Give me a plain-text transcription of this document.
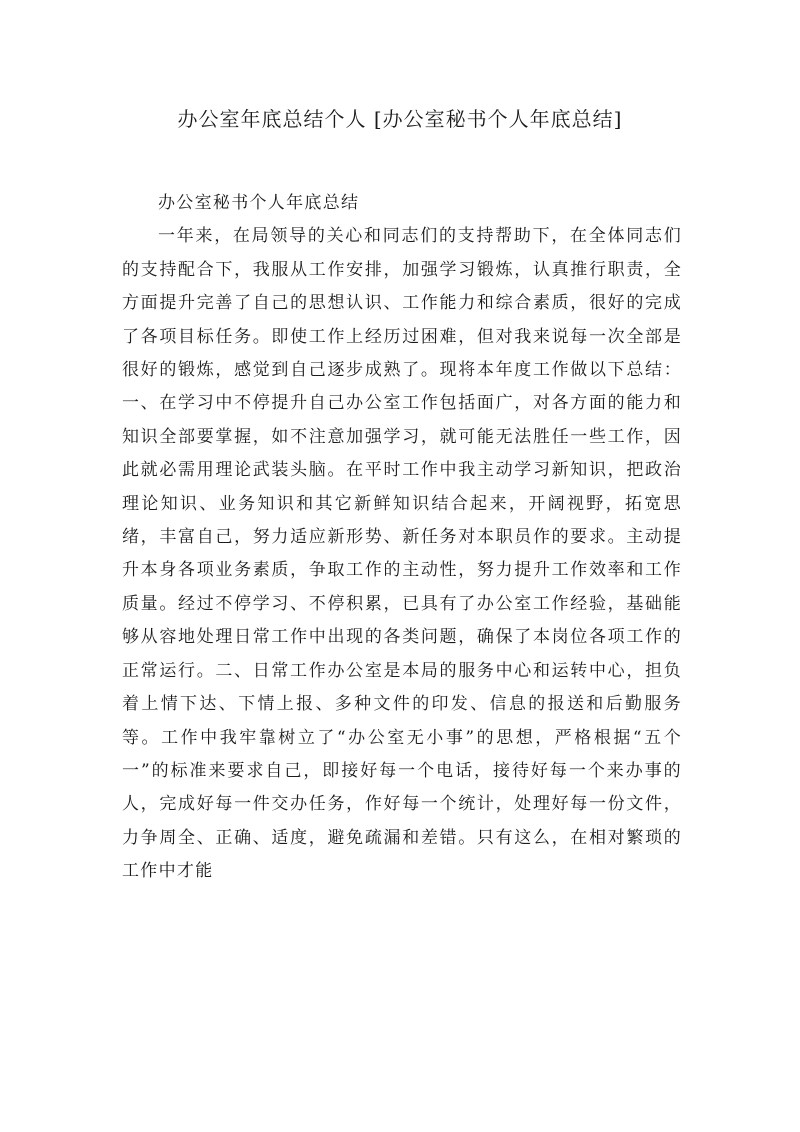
办公室年底总结个人 [办公室秘书个人年底总结]

办公室秘书个人年底总结

一年来，在局领导的关心和同志们的支持帮助下，在全体同志们的支持配合下，我服从工作安排，加强学习锻炼，认真推行职责，全方面提升完善了自己的思想认识、工作能力和综合素质，很好的完成了各项目标任务。即使工作上经历过困难，但对我来说每一次全部是很好的锻炼，感觉到自己逐步成熟了。现将本年度工作做以下总结：一、在学习中不停提升自己办公室工作包括面广，对各方面的能力和知识全部要掌握，如不注意加强学习，就可能无法胜任一些工作，因此就必需用理论武装头脑。在平时工作中我主动学习新知识，把政治理论知识、业务知识和其它新鲜知识结合起来，开阔视野，拓宽思绪，丰富自己，努力适应新形势、新任务对本职员作的要求。主动提升本身各项业务素质，争取工作的主动性，努力提升工作效率和工作质量。经过不停学习、不停积累，已具有了办公室工作经验，基础能够从容地处理日常工作中出现的各类问题，确保了本岗位各项工作的正常运行。二、日常工作办公室是本局的服务中心和运转中心，担负着上情下达、下情上报、多种文件的印发、信息的报送和后勤服务等。工作中我牢靠树立了“办公室无小事”的思想，严格根据“五个一”的标准来要求自己，即接好每一个电话，接待好每一个来办事的人，完成好每一件交办任务，作好每一个统计，处理好每一份文件，力争周全、正确、适度，避免疏漏和差错。只有这么，在相对繁琐的工作中才能
